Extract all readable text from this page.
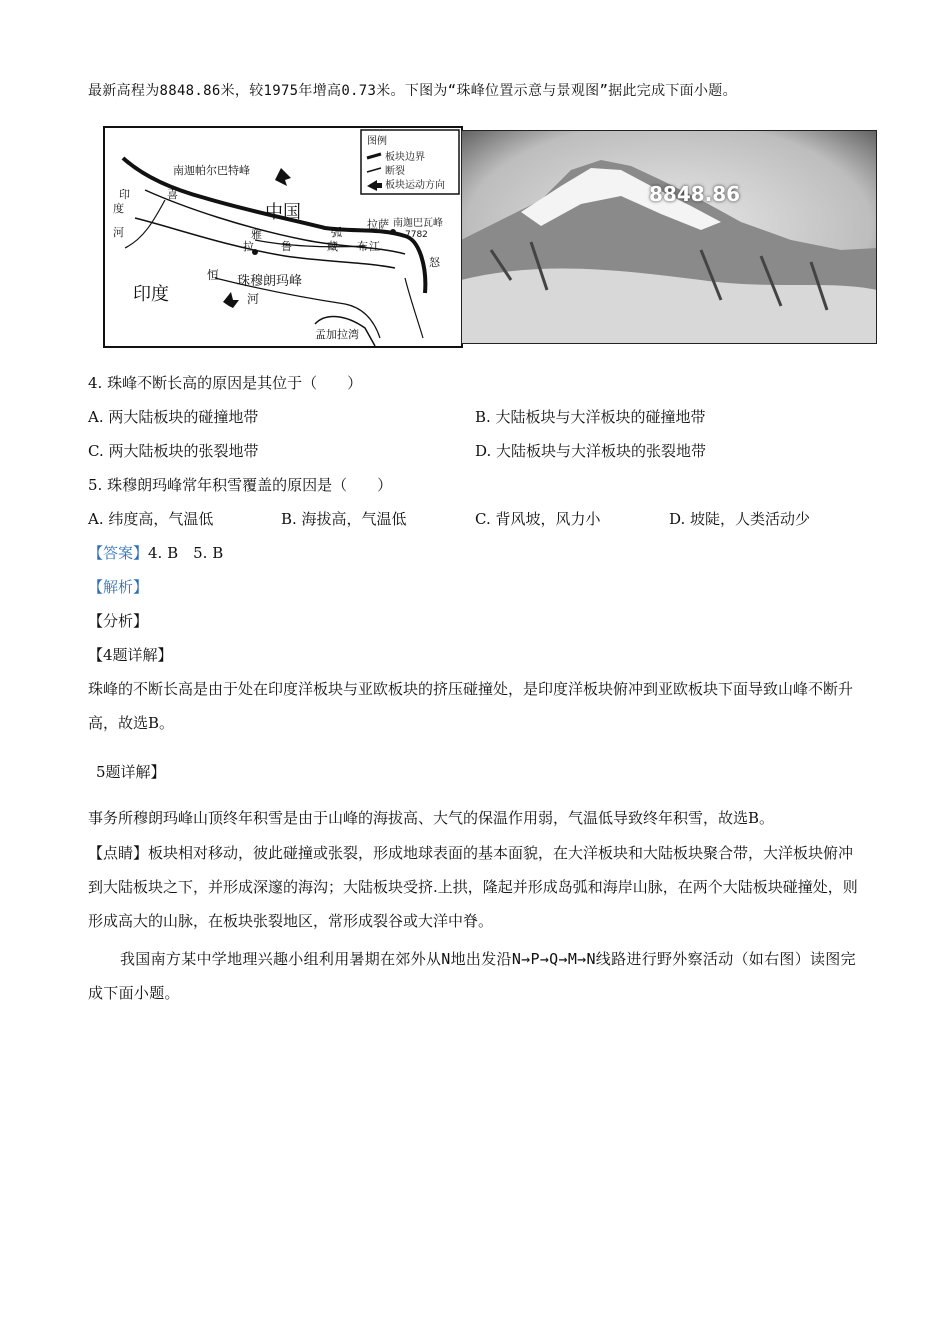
最新高程为8848.86米，较1975年增高0.73米。下图为“珠峰位置示意与景观图”据此完成下面小题。
图例
板块边界
断裂
板块运动方向
南迦帕尔巴特峰
中国
印度
拉萨 南迦巴瓦峰
7782
珠穆朗玛峰
恒
河
孟加拉湾
印
度
河
喜
拉
雅
鲁	藏 布 江
弧
怒
8848.86
4. 珠峰不断长高的原因是其位于（　　）
A. 两大陆板块的碰撞地带	B. 大陆板块与大洋板块的碰撞地带
C. 两大陆板块的张裂地带	D. 大陆板块与大洋板块的张裂地带
5. 珠穆朗玛峰常年积雪覆盖的原因是（　　）
A. 纬度高，气温低	B. 海拔高，气温低	C. 背风坡，风力小	D. 坡陡，人类活动少
【答案】4. B　5. B
【解析】
【分析】
【4题详解】
珠峰的不断长高是由于处在印度洋板块与亚欧板块的挤压碰撞处，是印度洋板块俯冲到亚欧板块下面导致山峰不断升高，故选B。
5题详解】
事务所穆朗玛峰山顶终年积雪是由于山峰的海拔高、大气的保温作用弱，气温低导致终年积雪，故选B。
【点睛】板块相对移动，彼此碰撞或张裂，形成地球表面的基本面貌，在大洋板块和大陆板块聚合带，大洋板块俯冲到大陆板块之下，并形成深邃的海沟；大陆板块受挤.上拱，隆起并形成岛弧和海岸山脉，在两个大陆板块碰撞处，则形成高大的山脉，在板块张裂地区，常形成裂谷或大洋中脊。
我国南方某中学地理兴趣小组利用暑期在郊外从N地出发沿N→P→Q→M→N线路进行野外察活动（如右图）读图完成下面小题。
